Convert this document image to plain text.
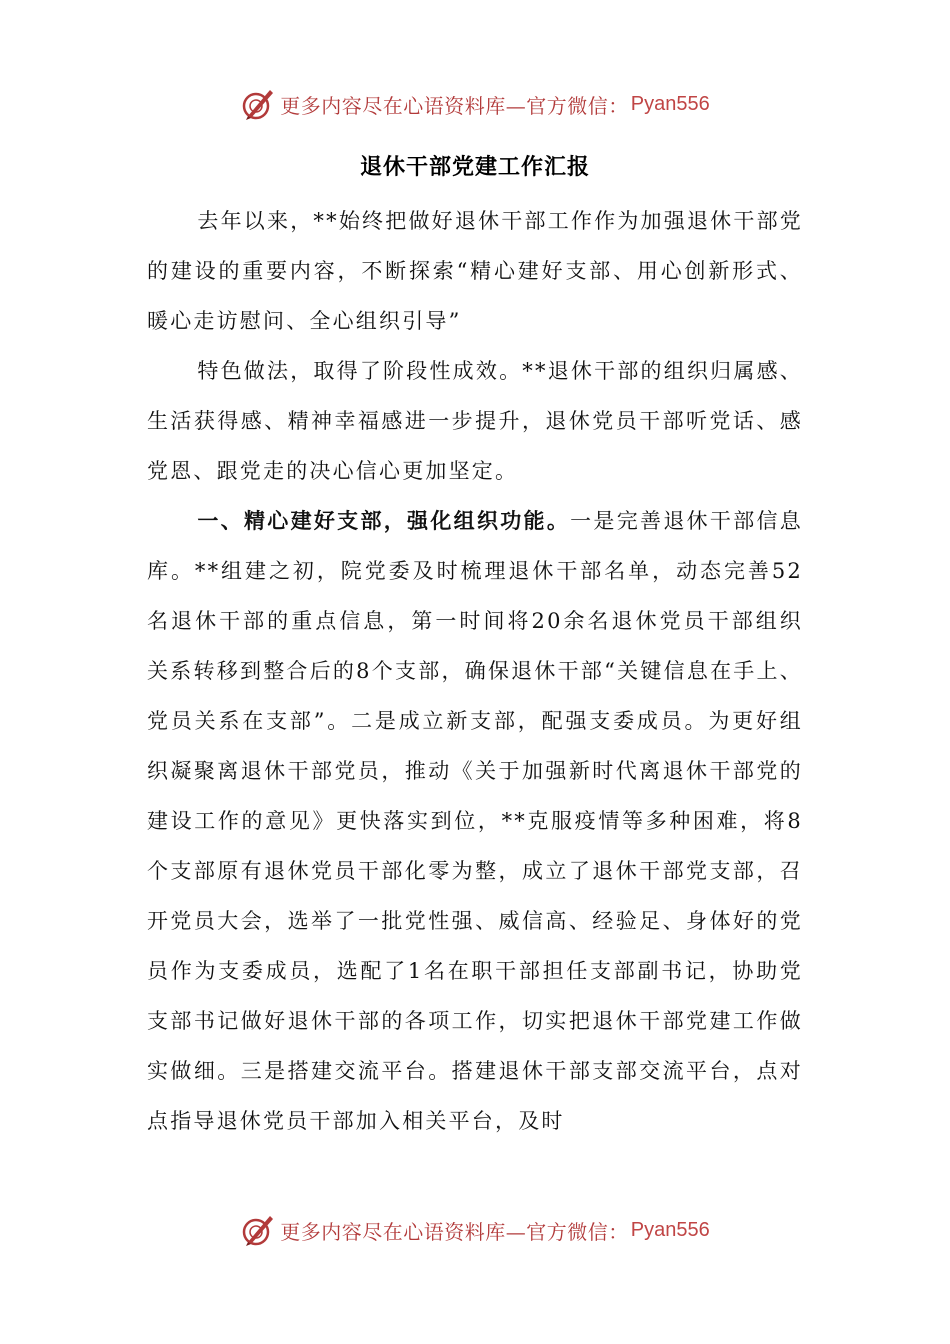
更多内容尽在心语资料库—官方微信： Pyan556
退休干部党建工作汇报

去年以来，**始终把做好退休干部工作作为加强退休干部党的建设的重要内容，不断探索“精心建好支部、用心创新形式、暖心走访慰问、全心组织引导”

特色做法，取得了阶段性成效。**退休干部的组织归属感、生活获得感、精神幸福感进一步提升，退休党员干部听党话、感党恩、跟党走的决心信心更加坚定。

一、精心建好支部，强化组织功能。一是完善退休干部信息库。**组建之初，院党委及时梳理退休干部名单，动态完善52名退休干部的重点信息，第一时间将20余名退休党员干部组织关系转移到整合后的8个支部，确保退休干部“关键信息在手上、党员关系在支部”。二是成立新支部，配强支委成员。为更好组织凝聚离退休干部党员，推动《关于加强新时代离退休干部党的建设工作的意见》更快落实到位，**克服疫情等多种困难，将8个支部原有退休党员干部化零为整，成立了退休干部党支部，召开党员大会，选举了一批党性强、威信高、经验足、身体好的党员作为支委成员，选配了1名在职干部担任支部副书记，协助党支部书记做好退休干部的各项工作，切实把退休干部党建工作做实做细。三是搭建交流平台。搭建退休干部支部交流平台，点对点指导退休党员干部加入相关平台，及时

更多内容尽在心语资料库—官方微信： Pyan556
